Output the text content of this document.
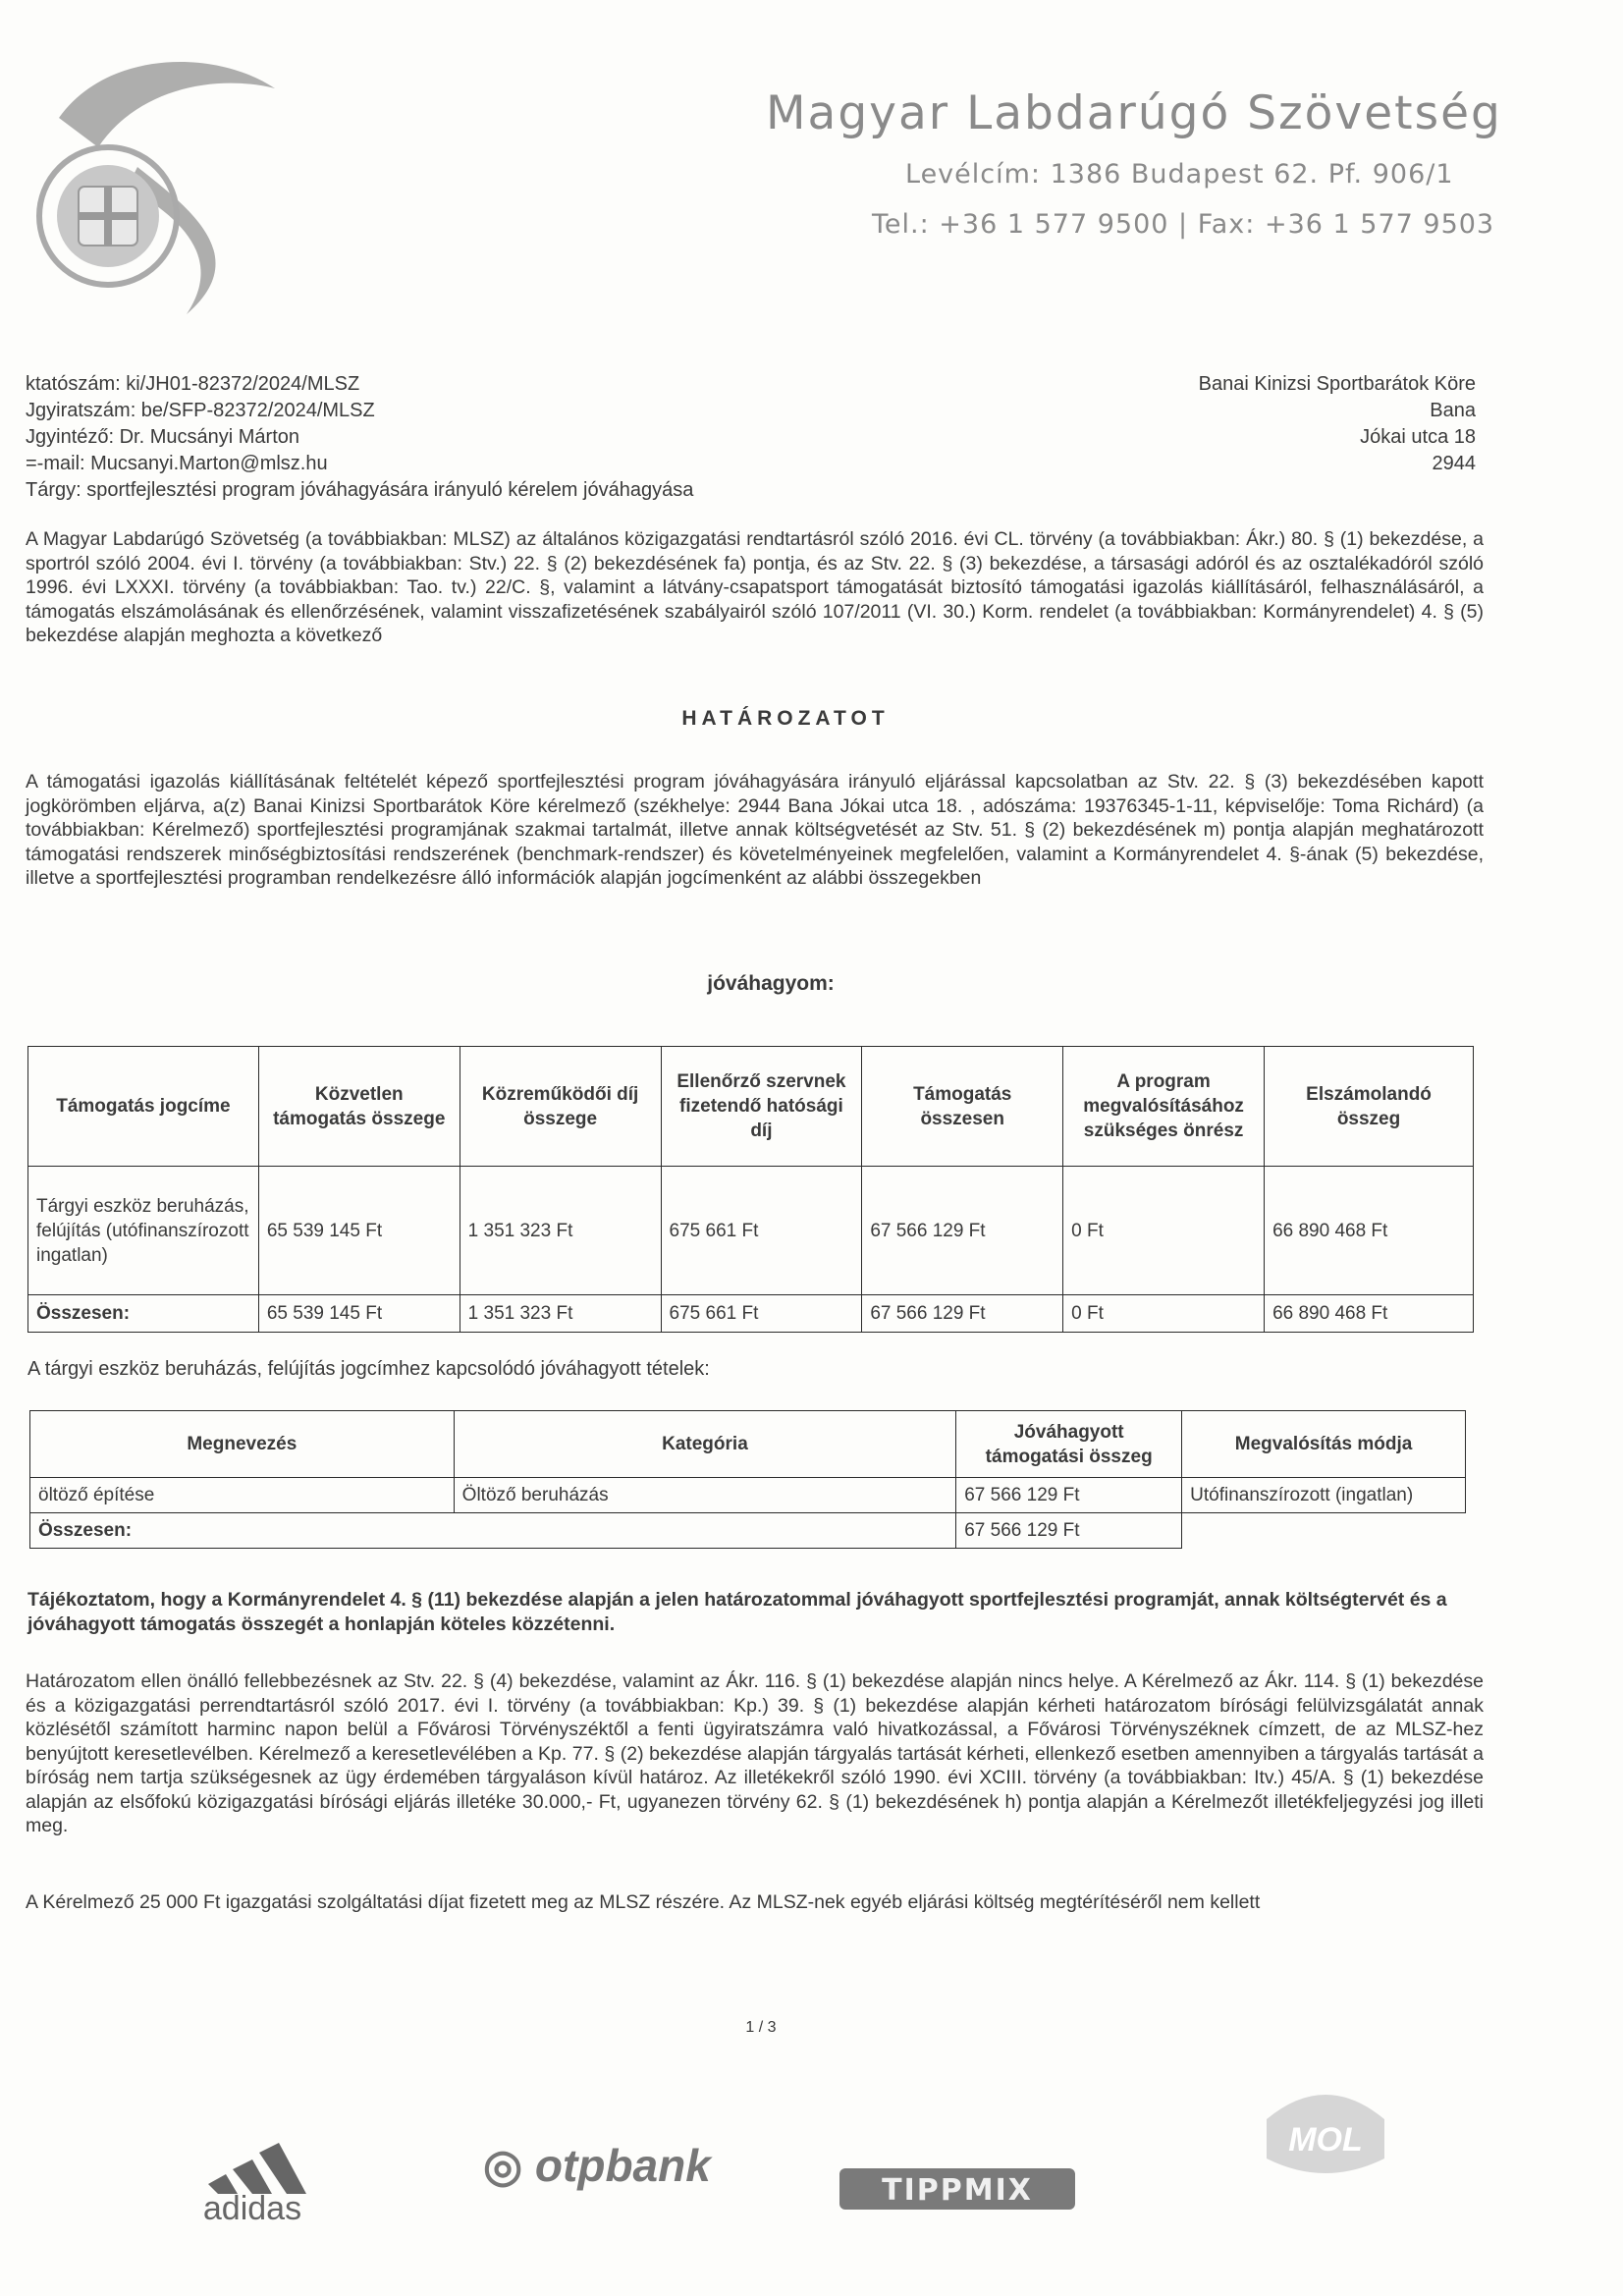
Magyar Labdarúgó Szövetség
Levélcím: 1386 Budapest 62. Pf. 906/1
Tel.: +36 1 577 9500 | Fax: +36 1 577 9503
ktatószám: ki/JH01-82372/2024/MLSZ
Jgyiratszám: be/SFP-82372/2024/MLSZ
Jgyintéző: Dr. Mucsányi Márton
=-mail: Mucsanyi.Marton@mlsz.hu
Tárgy: sportfejlesztési program jóváhagyására irányuló kérelem jóváhagyása
Banai Kinizsi Sportbarátok Köre
Bana
Jókai utca 18
2944
A Magyar Labdarúgó Szövetség (a továbbiakban: MLSZ) az általános közigazgatási rendtartásról szóló 2016. évi CL. törvény (a továbbiakban: Ákr.) 80. § (1) bekezdése, a sportról szóló 2004. évi I. törvény (a továbbiakban: Stv.) 22. § (2) bekezdésének fa) pontja, és az Stv. 22. § (3) bekezdése, a társasági adóról és az osztalékadóról szóló 1996. évi LXXXI. törvény (a továbbiakban: Tao. tv.) 22/C. §, valamint a látvány-csapatsport támogatását biztosító támogatási igazolás kiállításáról, felhasználásáról, a támogatás elszámolásának és ellenőrzésének, valamint visszafizetésének szabályairól szóló 107/2011 (VI. 30.) Korm. rendelet (a továbbiakban: Kormányrendelet) 4. § (5) bekezdése alapján meghozta a következő
HATÁROZATOT
A támogatási igazolás kiállításának feltételét képező sportfejlesztési program jóváhagyására irányuló eljárással kapcsolatban az Stv. 22. § (3) bekezdésében kapott jogkörömben eljárva, a(z) Banai Kinizsi Sportbarátok Köre kérelmező (székhelye: 2944 Bana Jókai utca 18. , adószáma: 19376345-1-11, képviselője: Toma Richárd) (a továbbiakban: Kérelmező) sportfejlesztési programjának szakmai tartalmát, illetve annak költségvetését az Stv. 51. § (2) bekezdésének m) pontja alapján meghatározott támogatási rendszerek minőségbiztosítási rendszerének (benchmark-rendszer) és követelményeinek megfelelően, valamint a Kormányrendelet 4. §-ának (5) bekezdése, illetve a sportfejlesztési programban rendelkezésre álló információk alapján jogcímenként az alábbi összegekben
jóváhagyom:
Támogatás jogcíme	Közvetlen támogatás összege	Közreműködői díj összege	Ellenőrző szervnek fizetendő hatósági díj	Támogatás összesen	A program megvalósításához szükséges önrész	Elszámolandó összeg
Tárgyi eszköz beruházás, felújítás (utófinanszírozott ingatlan)	65 539 145 Ft	1 351 323 Ft	675 661 Ft	67 566 129 Ft	0 Ft	66 890 468 Ft
Összesen:	65 539 145 Ft	1 351 323 Ft	675 661 Ft	67 566 129 Ft	0 Ft	66 890 468 Ft
A tárgyi eszköz beruházás, felújítás jogcímhez kapcsolódó jóváhagyott tételek:
Megnevezés	Kategória	Jóváhagyott támogatási összeg	Megvalósítás módja
öltöző építése	Öltöző beruházás	67 566 129 Ft	Utófinanszírozott (ingatlan)
Összesen:		67 566 129 Ft	
Tájékoztatom, hogy a Kormányrendelet 4. § (11) bekezdése alapján a jelen határozatommal jóváhagyott sportfejlesztési programját, annak költségtervét és a jóváhagyott támogatás összegét a honlapján köteles közzétenni.
Határozatom ellen önálló fellebbezésnek az Stv. 22. § (4) bekezdése, valamint az Ákr. 116. § (1) bekezdése alapján nincs helye. A Kérelmező az Ákr. 114. § (1) bekezdése és a közigazgatási perrendtartásról szóló 2017. évi I. törvény (a továbbiakban: Kp.) 39. § (1) bekezdése alapján kérheti határozatom bírósági felülvizsgálatát annak közlésétől számított harminc napon belül a Fővárosi Törvényszéktől a fenti ügyiratszámra való hivatkozással, a Fővárosi Törvényszéknek címzett, de az MLSZ-hez benyújtott keresetlevélben. Kérelmező a keresetlevélében a Kp. 77. § (2) bekezdése alapján tárgyalás tartását kérheti, ellenkező esetben amennyiben a tárgyalás tartását a bíróság nem tartja szükségesnek az ügy érdemében tárgyaláson kívül határoz. Az illetékekről szóló 1990. évi XCIII. törvény (a továbbiakban: Itv.) 45/A. § (1) bekezdése alapján az elsőfokú közigazgatási bírósági eljárás illetéke 30.000,- Ft, ugyanezen törvény 62. § (1) bekezdésének h) pontja alapján a Kérelmezőt illetékfeljegyzési jog illeti meg.
A Kérelmező 25 000 Ft igazgatási szolgáltatási díjat fizetett meg az MLSZ részére. Az MLSZ-nek egyéb eljárási költség megtérítéséről nem kellett
1 / 3
adidas
◎ otpbank	TIPPMIX
MOL
